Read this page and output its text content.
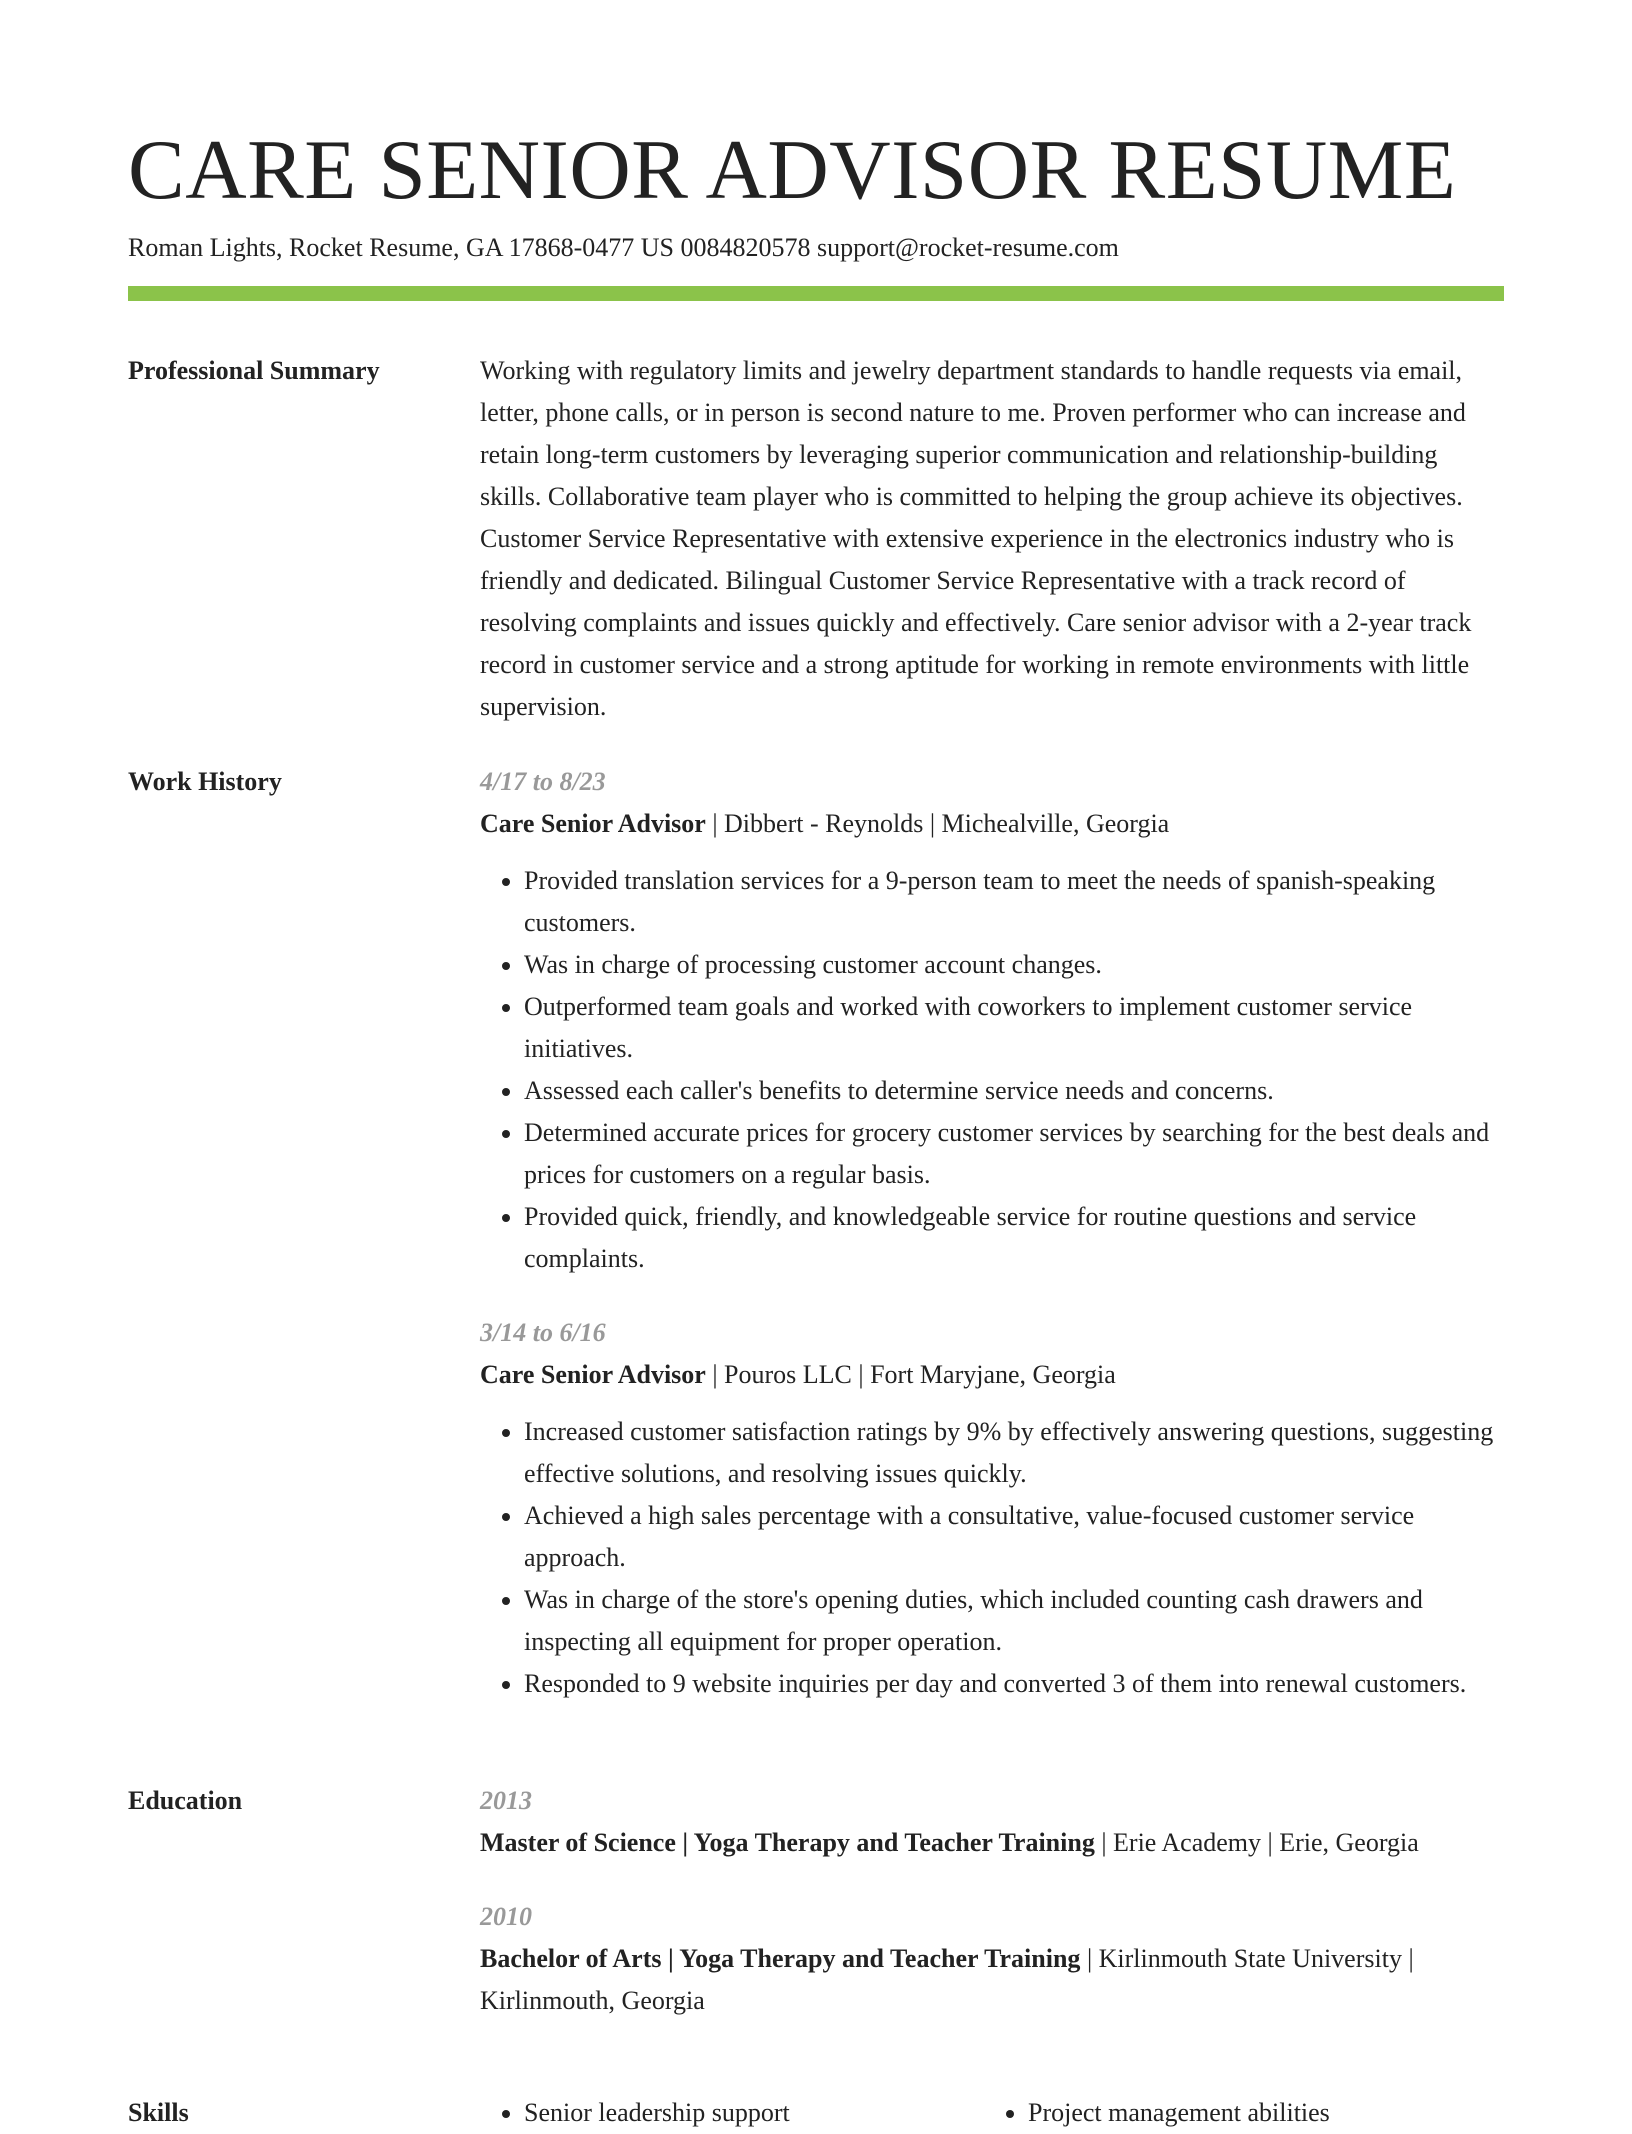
CARE SENIOR ADVISOR RESUME
Roman Lights, Rocket Resume, GA 17868-0477 US 0084820578 support@rocket-resume.com
Professional Summary	Working with regulatory limits and jewelry department standards to handle requests via email, letter, phone calls, or in person is second nature to me. Proven performer who can increase and retain long-term customers by leveraging superior communication and relationship-building skills. Collaborative team player who is committed to helping the group achieve its objectives. Customer Service Representative with extensive experience in the electronics industry who is friendly and dedicated. Bilingual Customer Service Representative with a track record of resolving complaints and issues quickly and effectively. Care senior advisor with a 2-year track record in customer service and a strong aptitude for working in remote environments with little supervision.

Work History	4/17 to 8/23
Care Senior Advisor | Dibbert - Reynolds | Michealville, Georgia
• Provided translation services for a 9-person team to meet the needs of spanish-speaking customers.
• Was in charge of processing customer account changes.
• Outperformed team goals and worked with coworkers to implement customer service initiatives.
• Assessed each caller's benefits to determine service needs and concerns.
• Determined accurate prices for grocery customer services by searching for the best deals and prices for customers on a regular basis.
• Provided quick, friendly, and knowledgeable service for routine questions and service complaints.
3/14 to 6/16
Care Senior Advisor | Pouros LLC | Fort Maryjane, Georgia
• Increased customer satisfaction ratings by 9% by effectively answering questions, suggesting effective solutions, and resolving issues quickly.
• Achieved a high sales percentage with a consultative, value-focused customer service approach.
• Was in charge of the store's opening duties, which included counting cash drawers and inspecting all equipment for proper operation.
• Responded to 9 website inquiries per day and converted 3 of them into renewal customers.
Education	2013
Master of Science | Yoga Therapy and Teacher Training | Erie Academy | Erie, Georgia
2010
Bachelor of Arts | Yoga Therapy and Teacher Training | Kirlinmouth State University | Kirlinmouth, Georgia
Skills	• Senior leadership support	• Project management abilities
